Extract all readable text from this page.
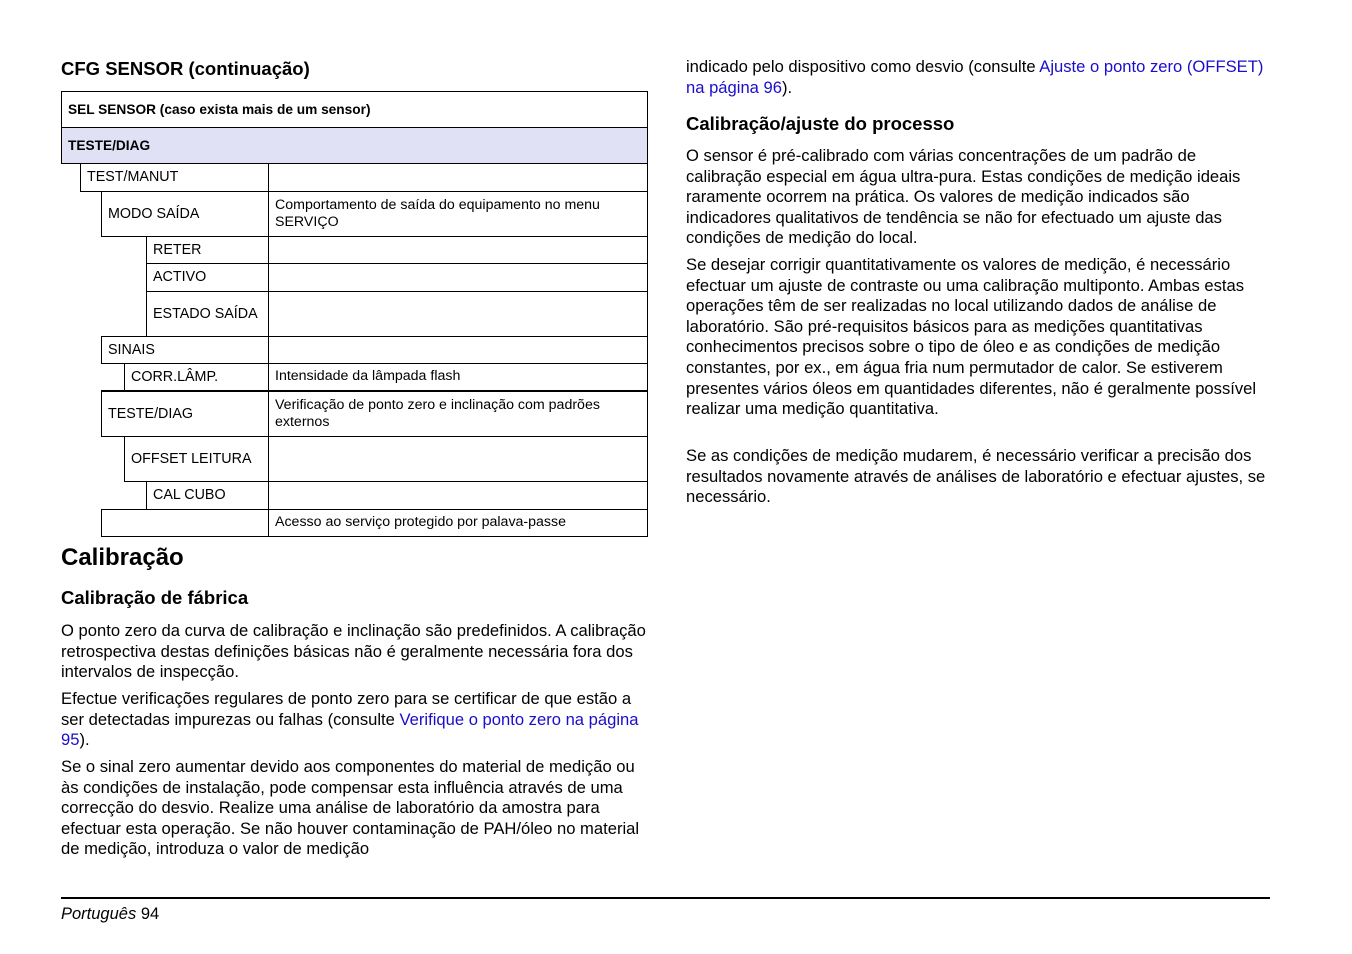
CFG SENSOR (continuação)
SEL SENSOR (caso exista mais de um sensor)
TESTE/DIAG
TEST/MANUT
MODO SAÍDA
Comportamento de saída do equipamento no menu SERVIÇO
RETER
ACTIVO
ESTADO SAÍDA
SINAIS
CORR.LÂMP.	Intensidade da lâmpada flash
TESTE/DIAG
Verificação de ponto zero e inclinação com padrões externos
OFFSET LEITURA
CAL CUBO
Acesso ao serviço protegido por palava-passe
Calibração
Calibração de fábrica

O ponto zero da curva de calibração e inclinação são predefinidos. A calibração retrospectiva destas definições básicas não é geralmente necessária fora dos intervalos de inspecção.

Efectue verificações regulares de ponto zero para se certificar de que estão a ser detectadas impurezas ou falhas (consulte Verifique o ponto zero na página 95).

Se o sinal zero aumentar devido aos componentes do material de medição ou às condições de instalação, pode compensar esta influência através de uma correcção do desvio. Realize uma análise de laboratório da amostra para efectuar esta operação. Se não houver contaminação de PAH/óleo no material de medição, introduza o valor de medição

indicado pelo dispositivo como desvio (consulte Ajuste o ponto zero (OFFSET) na página 96).

Calibração/ajuste do processo

O sensor é pré-calibrado com várias concentrações de um padrão de calibração especial em água ultra-pura. Estas condições de medição ideais raramente ocorrem na prática. Os valores de medição indicados são indicadores qualitativos de tendência se não for efectuado um ajuste das condições de medição do local.

Se desejar corrigir quantitativamente os valores de medição, é necessário efectuar um ajuste de contraste ou uma calibração multiponto. Ambas estas operações têm de ser realizadas no local utilizando dados de análise de laboratório. São pré-requisitos básicos para as medições quantitativas conhecimentos precisos sobre o tipo de óleo e as condições de medição constantes, por ex., em água fria num permutador de calor. Se estiverem presentes vários óleos em quantidades diferentes, não é geralmente possível realizar uma medição quantitativa.

Se as condições de medição mudarem, é necessário verificar a precisão dos resultados novamente através de análises de laboratório e efectuar ajustes, se necessário.

Português 94
